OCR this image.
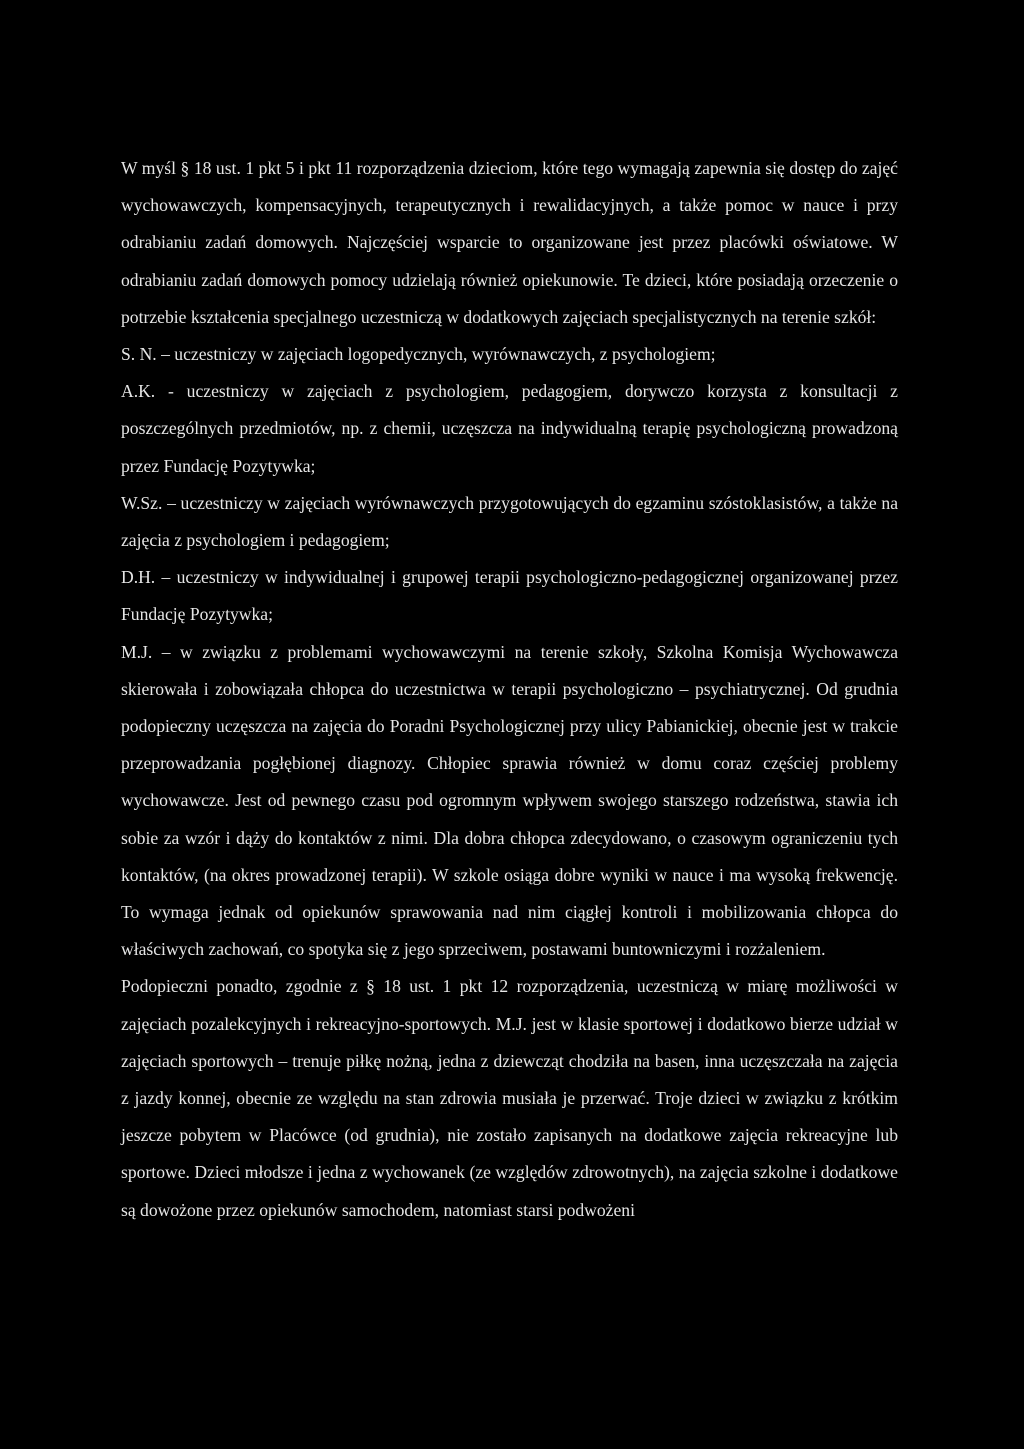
W myśl § 18 ust. 1 pkt 5 i pkt 11 rozporządzenia dzieciom, które tego wymagają zapewnia się dostęp do zajęć wychowawczych, kompensacyjnych, terapeutycznych i rewalidacyjnych, a także pomoc w nauce i przy odrabianiu zadań domowych. Najczęściej wsparcie to organizowane jest przez placówki oświatowe. W odrabianiu zadań domowych pomocy udzielają również opiekunowie. Te dzieci, które posiadają orzeczenie o potrzebie kształcenia specjalnego uczestniczą w dodatkowych zajęciach specjalistycznych na terenie szkół:

S. N. – uczestniczy w zajęciach logopedycznych, wyrównawczych, z psychologiem;

A.K. - uczestniczy w zajęciach z psychologiem, pedagogiem, dorywczo korzysta z konsultacji z poszczególnych przedmiotów, np. z chemii, uczęszcza na indywidualną terapię psychologiczną prowadzoną przez Fundację Pozytywka;

W.Sz. – uczestniczy w zajęciach wyrównawczych przygotowujących do egzaminu szóstoklasistów, a także na zajęcia z psychologiem i pedagogiem;

D.H. – uczestniczy w indywidualnej i grupowej terapii psychologiczno-pedagogicznej organizowanej przez Fundację Pozytywka;

M.J. – w związku z problemami wychowawczymi na terenie szkoły, Szkolna Komisja Wychowawcza skierowała i zobowiązała chłopca do uczestnictwa w terapii psychologiczno – psychiatrycznej. Od grudnia podopieczny uczęszcza na zajęcia do Poradni Psychologicznej przy ulicy Pabianickiej, obecnie jest w trakcie przeprowadzania pogłębionej diagnozy. Chłopiec sprawia również w domu coraz częściej problemy wychowawcze. Jest od pewnego czasu pod ogromnym wpływem swojego starszego rodzeństwa, stawia ich sobie za wzór i dąży do kontaktów z nimi. Dla dobra chłopca zdecydowano, o czasowym ograniczeniu tych kontaktów, (na okres prowadzonej terapii). W szkole osiąga dobre wyniki w nauce i ma wysoką frekwencję. To wymaga jednak od opiekunów sprawowania nad nim ciągłej kontroli i mobilizowania chłopca do właściwych zachowań, co spotyka się z jego sprzeciwem, postawami buntowniczymi i rozżaleniem.

Podopieczni ponadto, zgodnie z § 18 ust. 1 pkt 12 rozporządzenia, uczestniczą w miarę możliwości w zajęciach pozalekcyjnych i rekreacyjno-sportowych. M.J. jest w klasie sportowej i dodatkowo bierze udział w zajęciach sportowych – trenuje piłkę nożną, jedna z dziewcząt chodziła na basen, inna uczęszczała na zajęcia z jazdy konnej, obecnie ze względu na stan zdrowia musiała je przerwać. Troje dzieci w związku z krótkim jeszcze pobytem w Placówce (od grudnia), nie zostało zapisanych na dodatkowe zajęcia rekreacyjne lub sportowe. Dzieci młodsze i jedna z wychowanek (ze względów zdrowotnych), na zajęcia szkolne i dodatkowe są dowożone przez opiekunów samochodem, natomiast starsi podwożeni
